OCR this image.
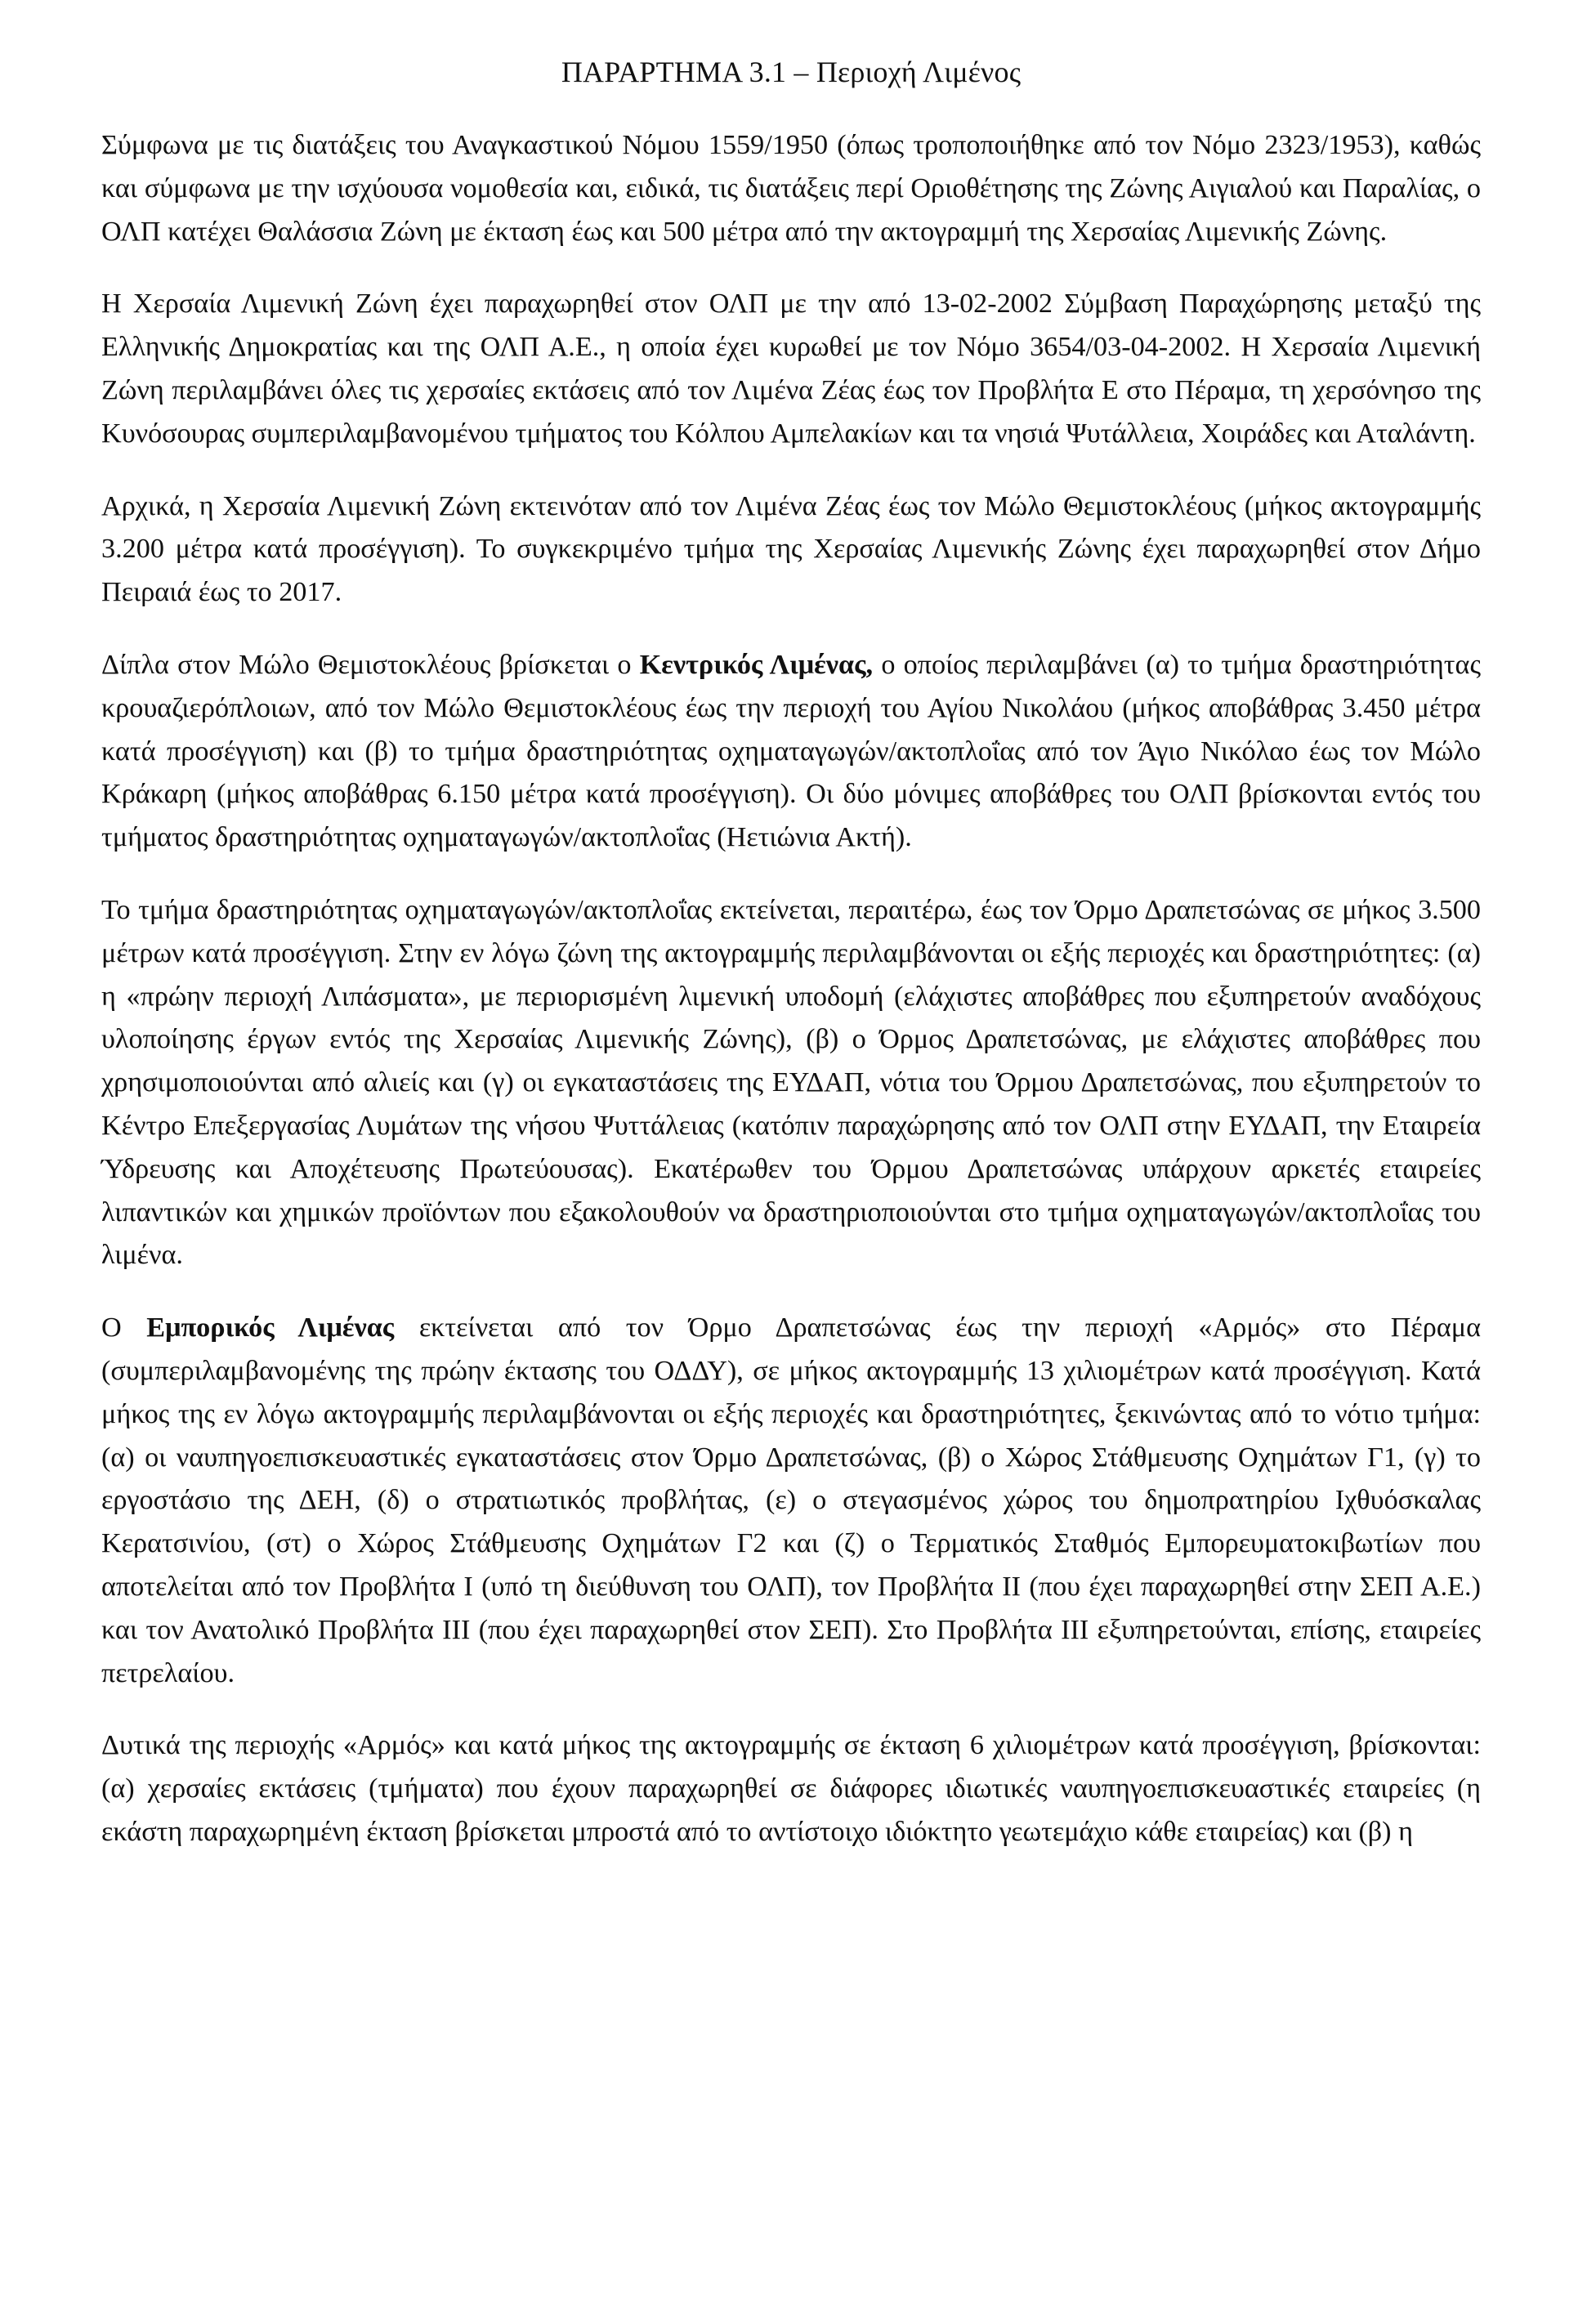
ΠΑΡΑΡΤΗΜΑ 3.1 – Περιοχή Λιμένος

Σύμφωνα με τις διατάξεις του Αναγκαστικού Νόμου 1559/1950 (όπως τροποποιήθηκε από τον Νόμο 2323/1953), καθώς και σύμφωνα με την ισχύουσα νομοθεσία και, ειδικά, τις διατάξεις περί Οριοθέτησης της Ζώνης Αιγιαλού και Παραλίας, ο ΟΛΠ κατέχει Θαλάσσια Ζώνη με έκταση έως και 500 μέτρα από την ακτογραμμή της Χερσαίας Λιμενικής Ζώνης.

Η Χερσαία Λιμενική Ζώνη έχει παραχωρηθεί στον ΟΛΠ με την από 13-02-2002 Σύμβαση Παραχώρησης μεταξύ της Ελληνικής Δημοκρατίας και της ΟΛΠ Α.Ε., η οποία έχει κυρωθεί με τον Νόμο 3654/03-04-2002. Η Χερσαία Λιμενική Ζώνη περιλαμβάνει όλες τις χερσαίες εκτάσεις από τον Λιμένα Ζέας έως τον Προβλήτα Ε στο Πέραμα, τη χερσόνησο της Κυνόσουρας συμπεριλαμβανομένου τμήματος του Κόλπου Αμπελακίων και τα νησιά Ψυτάλλεια, Χοιράδες και Αταλάντη.

Αρχικά, η Χερσαία Λιμενική Ζώνη εκτεινόταν από τον Λιμένα Ζέας έως τον Μώλο Θεμιστοκλέους (μήκος ακτογραμμής 3.200 μέτρα κατά προσέγγιση). Το συγκεκριμένο τμήμα της Χερσαίας Λιμενικής Ζώνης έχει παραχωρηθεί στον Δήμο Πειραιά έως το 2017.

Δίπλα στον Μώλο Θεμιστοκλέους βρίσκεται ο Κεντρικός Λιμένας, ο οποίος περιλαμβάνει (α) το τμήμα δραστηριότητας κρουαζιερόπλοιων, από τον Μώλο Θεμιστοκλέους έως την περιοχή του Αγίου Νικολάου (μήκος αποβάθρας 3.450 μέτρα κατά προσέγγιση) και (β) το τμήμα δραστηριότητας οχηματαγωγών/ακτοπλοΐας από τον Άγιο Νικόλαο έως τον Μώλο Κράκαρη (μήκος αποβάθρας 6.150 μέτρα κατά προσέγγιση). Οι δύο μόνιμες αποβάθρες του ΟΛΠ βρίσκονται εντός του τμήματος δραστηριότητας οχηματαγωγών/ακτοπλοΐας (Ηετιώνια Ακτή).

Το τμήμα δραστηριότητας οχηματαγωγών/ακτοπλοΐας εκτείνεται, περαιτέρω, έως τον Όρμο Δραπετσώνας σε μήκος 3.500 μέτρων κατά προσέγγιση. Στην εν λόγω ζώνη της ακτογραμμής περιλαμβάνονται οι εξής περιοχές και δραστηριότητες: (α) η «πρώην περιοχή Λιπάσματα», με περιορισμένη λιμενική υποδομή (ελάχιστες αποβάθρες που εξυπηρετούν αναδόχους υλοποίησης έργων εντός της Χερσαίας Λιμενικής Ζώνης), (β) ο Όρμος Δραπετσώνας, με ελάχιστες αποβάθρες που χρησιμοποιούνται από αλιείς και (γ) οι εγκαταστάσεις της ΕΥΔΑΠ, νότια του Όρμου Δραπετσώνας, που εξυπηρετούν το Κέντρο Επεξεργασίας Λυμάτων της νήσου Ψυττάλειας (κατόπιν παραχώρησης από τον ΟΛΠ στην ΕΥΔΑΠ, την Εταιρεία Ύδρευσης και Αποχέτευσης Πρωτεύουσας). Εκατέρωθεν του Όρμου Δραπετσώνας υπάρχουν αρκετές εταιρείες λιπαντικών και χημικών προϊόντων που εξακολουθούν να δραστηριοποιούνται στο τμήμα οχηματαγωγών/ακτοπλοΐας του λιμένα.

Ο Εμπορικός Λιμένας εκτείνεται από τον Όρμο Δραπετσώνας έως την περιοχή «Αρμός» στο Πέραμα (συμπεριλαμβανομένης της πρώην έκτασης του ΟΔΔΥ), σε μήκος ακτογραμμής 13 χιλιομέτρων κατά προσέγγιση. Κατά μήκος της εν λόγω ακτογραμμής περιλαμβάνονται οι εξής περιοχές και δραστηριότητες, ξεκινώντας από το νότιο τμήμα: (α) οι ναυπηγοεπισκευαστικές εγκαταστάσεις στον Όρμο Δραπετσώνας, (β) ο Χώρος Στάθμευσης Οχημάτων Γ1, (γ) το εργοστάσιο της ΔΕΗ, (δ) ο στρατιωτικός προβλήτας, (ε) ο στεγασμένος χώρος του δημοπρατηρίου Ιχθυόσκαλας Κερατσινίου, (στ) ο Χώρος Στάθμευσης Οχημάτων Γ2 και (ζ) ο Τερματικός Σταθμός Εμπορευματοκιβωτίων που αποτελείται από τον Προβλήτα Ι (υπό τη διεύθυνση του ΟΛΠ), τον Προβλήτα ΙΙ (που έχει παραχωρηθεί στην ΣΕΠ Α.Ε.) και τον Ανατολικό Προβλήτα ΙΙΙ (που έχει παραχωρηθεί στον ΣΕΠ). Στο Προβλήτα ΙΙΙ εξυπηρετούνται, επίσης, εταιρείες πετρελαίου.

Δυτικά της περιοχής «Αρμός» και κατά μήκος της ακτογραμμής σε έκταση 6 χιλιομέτρων κατά προσέγγιση, βρίσκονται: (α) χερσαίες εκτάσεις (τμήματα) που έχουν παραχωρηθεί σε διάφορες ιδιωτικές ναυπηγοεπισκευαστικές εταιρείες (η εκάστη παραχωρημένη έκταση βρίσκεται μπροστά από το αντίστοιχο ιδιόκτητο γεωτεμάχιο κάθε εταιρείας) και (β) η
